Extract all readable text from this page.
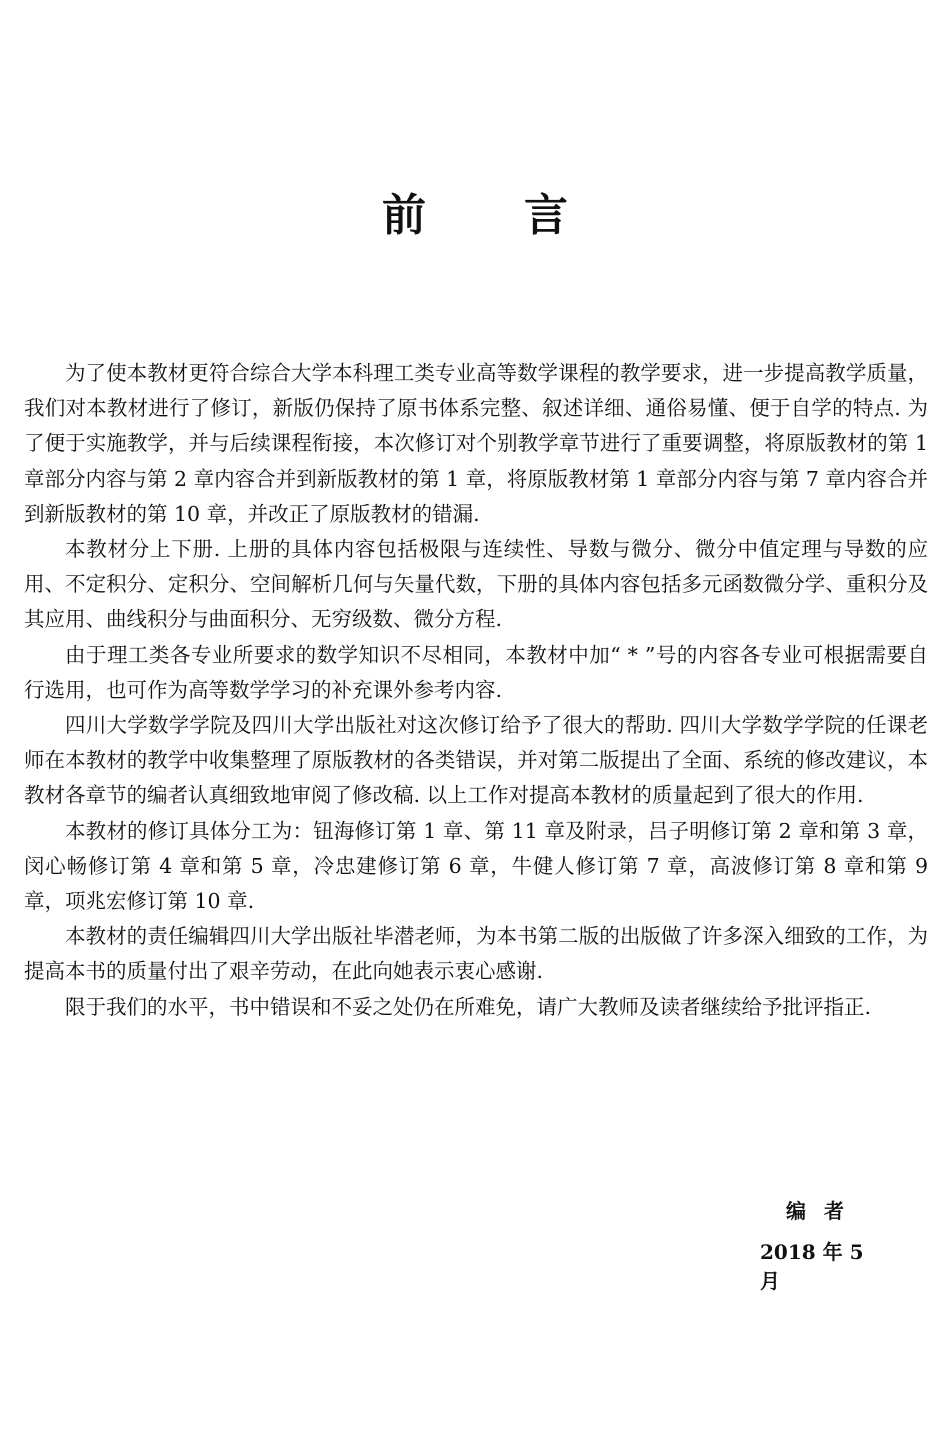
前言

为了使本教材更符合综合大学本科理工类专业高等数学课程的教学要求，进一步提高教学质量，我们对本教材进行了修订，新版仍保持了原书体系完整、叙述详细、通俗易懂、便于自学的特点. 为了便于实施教学，并与后续课程衔接，本次修订对个别教学章节进行了重要调整，将原版教材的第 1 章部分内容与第 2 章内容合并到新版教材的第 1 章，将原版教材第 1 章部分内容与第 7 章内容合并到新版教材的第 10 章，并改正了原版教材的错漏.

本教材分上下册. 上册的具体内容包括极限与连续性、导数与微分、微分中值定理与导数的应用、不定积分、定积分、空间解析几何与矢量代数，下册的具体内容包括多元函数微分学、重积分及其应用、曲线积分与曲面积分、无穷级数、微分方程.

由于理工类各专业所要求的数学知识不尽相同，本教材中加“ * ”号的内容各专业可根据需要自行选用，也可作为高等数学学习的补充课外参考内容.

四川大学数学学院及四川大学出版社对这次修订给予了很大的帮助. 四川大学数学学院的任课老师在本教材的教学中收集整理了原版教材的各类错误，并对第二版提出了全面、系统的修改建议，本教材各章节的编者认真细致地审阅了修改稿. 以上工作对提高本教材的质量起到了很大的作用.

本教材的修订具体分工为：钮海修订第 1 章、第 11 章及附录，吕子明修订第 2 章和第 3 章，闵心畅修订第 4 章和第 5 章，冷忠建修订第 6 章，牛健人修订第 7 章，高波修订第 8 章和第 9 章，项兆宏修订第 10 章.

本教材的责任编辑四川大学出版社毕潜老师，为本书第二版的出版做了许多深入细致的工作，为提高本书的质量付出了艰辛劳动，在此向她表示衷心感谢.

限于我们的水平，书中错误和不妥之处仍在所难免，请广大教师及读者继续给予批评指正.

编者
2018 年 5 月
